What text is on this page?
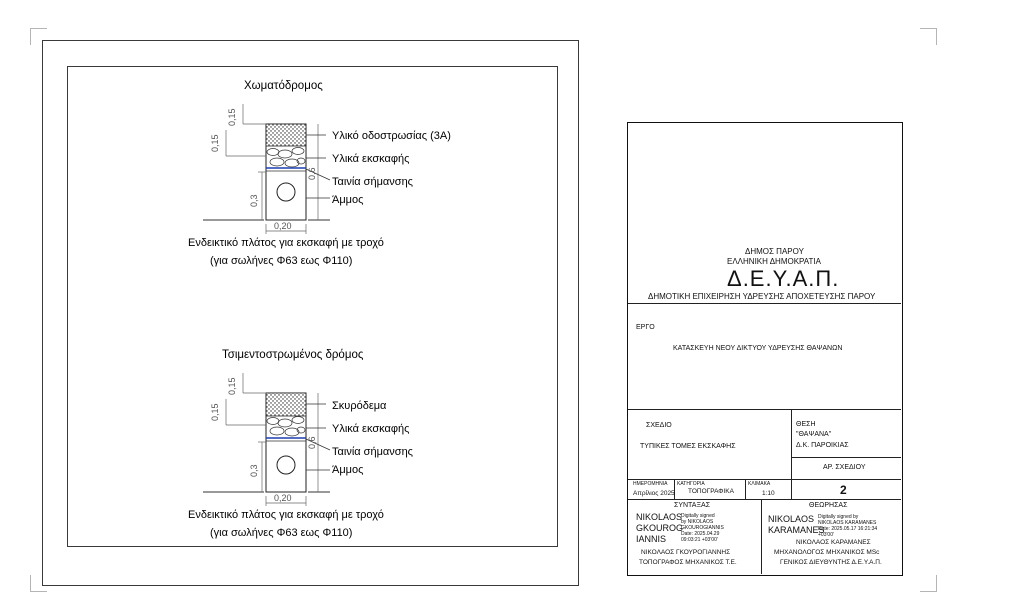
Χωματόδρομος
Υλικό οδοστρωσίας (3Α)
Υλικά εκσκαφής
Ταινία σήμανσης
Άμμος
Ενδεικτικό πλάτος για εκσκαφή με τροχό
(για σωλήνες Φ63 εως Φ110)
0,15
0,15
0,3
0,6
0,20
Τσιμεντοστρωμένος δρόμος
Σκυρόδεμα
Υλικά εκσκαφής
Ταινία σήμανσης
Άμμος
Ενδεικτικό πλάτος για εκσκαφή με τροχό
(για σωλήνες Φ63 εως Φ110)
0,15
0,15
0,3
0,6
0,20
ΔΗΜΟΣ ΠΑΡΟΥ
ΕΛΛΗΝΙΚΗ ΔΗΜΟΚΡΑΤΙΑ
Δ.Ε.Υ.Α.Π.
ΔΗΜΟΤΙΚΗ ΕΠΙΧΕΙΡΗΣΗ ΥΔΡΕΥΣΗΣ ΑΠΟΧΕΤΕΥΣΗΣ ΠΑΡΟΥ
ΕΡΓΟ
ΚΑΤΑΣΚΕΥΗ ΝΕΟΥ ΔΙΚΤΥΟΥ ΥΔΡΕΥΣΗΣ ΘΑΨΑΝΩΝ
ΣΧΕΔΙΟ
ΤΥΠΙΚΕΣ ΤΟΜΕΣ ΕΚΣΚΑΦΗΣ
ΘΕΣΗ
"ΘΑΨΑΝΑ"
Δ.Κ. ΠΑΡΟΙΚΙΑΣ
ΑΡ. ΣΧΕΔΙΟΥ
2
ΗΜΕΡΟΜΗΝΙΑ
Απρίλιος 2025
ΚΑΤΗΓΟΡΙΑ
ΤΟΠΟΓΡΑΦΙΚΑ
ΚΛΙΜΑΚΑ
1:10
ΣΥΝΤΑΞΑΣ	ΘΕΩΡΗΣΑΣ
NIKOLAOS
GKOUROG
IANNIS
Digitally signed
by NIKOLAOS
GKOUROGIANNIS
Date: 2025.04.29
09:03:21 +03'00'
ΝΙΚΟΛΑΟΣ ΓΚΟΥΡΟΓΙΑΝΝΗΣ
ΤΟΠΟΓΡΑΦΟΣ ΜΗΧΑΝΙΚΟΣ Τ.Ε.
NIKOLAOS
KARAMANES
Digitally signed by
NIKOLAOS KARAMANES
Date: 2025.05.17 16:21:34
+03'00'
ΝΙΚΟΛΑΟΣ ΚΑΡΑΜΑΝΕΣ
ΜΗΧΑΝΟΛΟΓΟΣ ΜΗΧΑΝΙΚΟΣ MSc
ΓΕΝΙΚΟΣ ΔΙΕΥΘΥΝΤΗΣ Δ.Ε.Υ.Α.Π.
